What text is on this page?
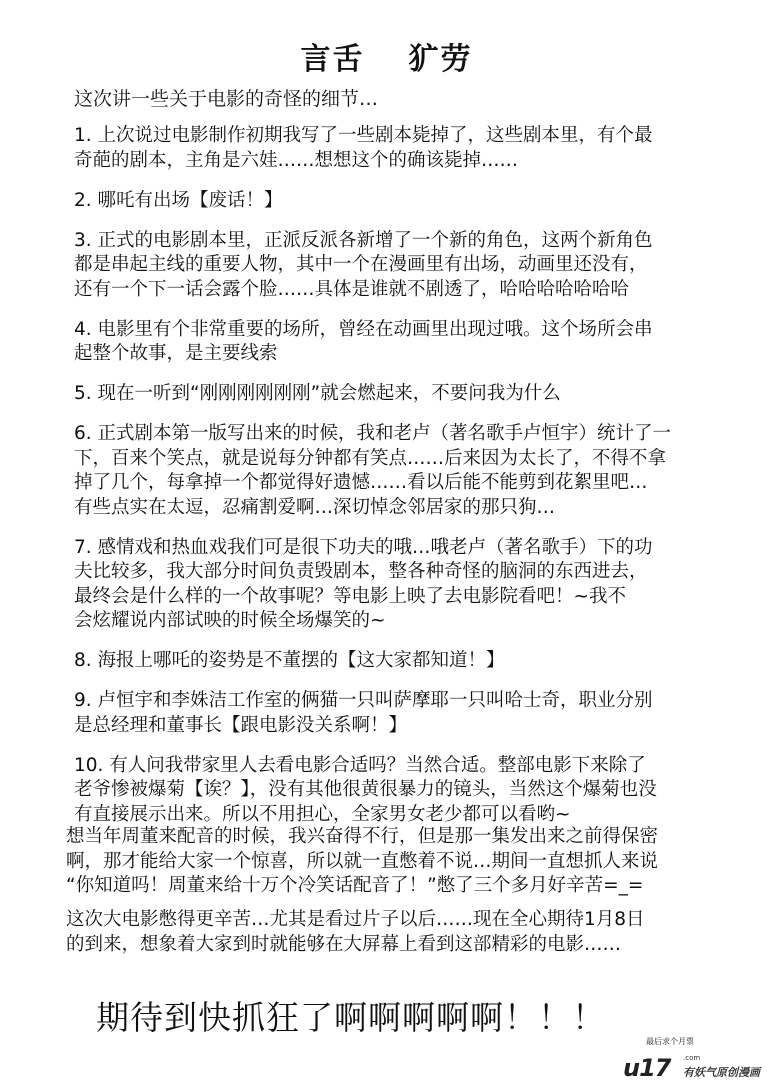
言舌 犷劳
这次讲一些关于电影的奇怪的细节…
1. 上次说过电影制作初期我写了一些剧本毙掉了，这些剧本里，有个最
奇葩的剧本，主角是六娃……想想这个的确该毙掉……
2. 哪吒有出场【废话！】
3. 正式的电影剧本里，正派反派各新增了一个新的角色，这两个新角色
都是串起主线的重要人物，其中一个在漫画里有出场，动画里还没有，
还有一个下一话会露个脸……具体是谁就不剧透了，哈哈哈哈哈哈哈
4. 电影里有个非常重要的场所，曾经在动画里出现过哦。这个场所会串
起整个故事，是主要线索
5. 现在一听到“刚刚刚刚刚刚”就会燃起来，不要问我为什么
6. 正式剧本第一版写出来的时候，我和老卢（著名歌手卢恒宇）统计了一
下，百来个笑点，就是说每分钟都有笑点……后来因为太长了，不得不拿
掉了几个，每拿掉一个都觉得好遗憾……看以后能不能剪到花絮里吧…
有些点实在太逗，忍痛割爱啊…深切悼念邻居家的那只狗…
7. 感情戏和热血戏我们可是很下功夫的哦…哦老卢（著名歌手）下的功
夫比较多，我大部分时间负责毁剧本，整各种奇怪的脑洞的东西进去，
最终会是什么样的一个故事呢？等电影上映了去电影院看吧！~我不
会炫耀说内部试映的时候全场爆笑的~
8. 海报上哪吒的姿势是不董摆的【这大家都知道！】
9. 卢恒宇和李姝洁工作室的俩猫一只叫萨摩耶一只叫哈士奇，职业分别
是总经理和董事长【跟电影没关系啊！】
10. 有人问我带家里人去看电影合适吗？当然合适。整部电影下来除了
老爷惨被爆菊【诶？】，没有其他很黄很暴力的镜头，当然这个爆菊也没
有直接展示出来。所以不用担心，全家男女老少都可以看哟~
想当年周董来配音的时候，我兴奋得不行，但是那一集发出来之前得保密
啊，那才能给大家一个惊喜，所以就一直憋着不说…期间一直想抓人来说
“你知道吗！周董来给十万个冷笑话配音了！”憋了三个多月好辛苦=_=
这次大电影憋得更辛苦…尤其是看过片子以后……现在全心期待1月8日
的到来，想象着大家到时就能够在大屏幕上看到这部精彩的电影……
期待到快抓狂了啊啊啊啊啊！！！
最后求个月票
u17 .com
有妖气原创漫画
